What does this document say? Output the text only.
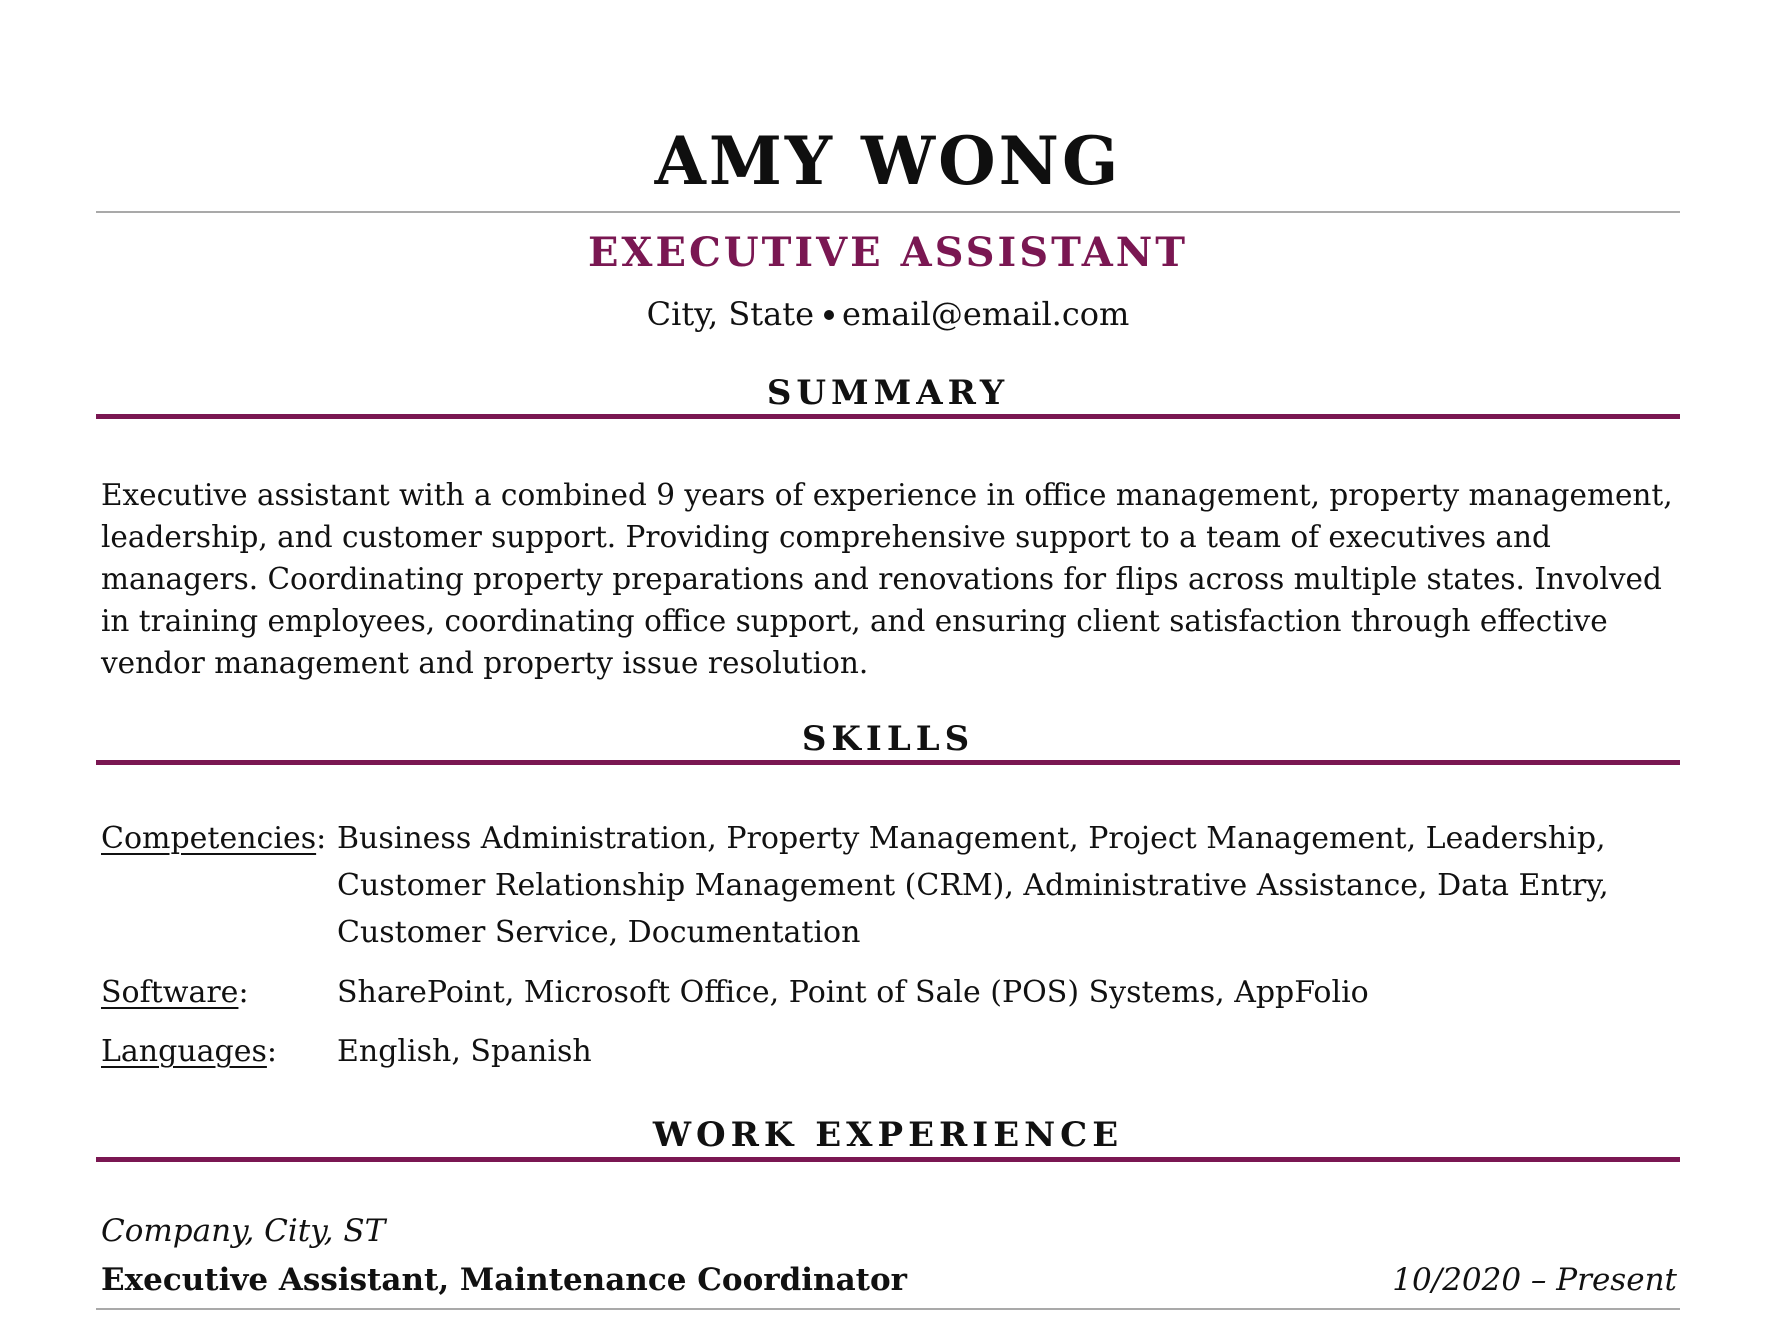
AMY WONG
EXECUTIVE ASSISTANT
City, State email@email.com
SUMMARY
Executive assistant with a combined 9 years of experience in office management, property management, leadership, and customer support. Providing comprehensive support to a team of executives and managers. Coordinating property preparations and renovations for flips across multiple states. Involved in training employees, coordinating office support, and ensuring client satisfaction through effective vendor management and property issue resolution.
SKILLS
Competencies: Business Administration, Property Management, Project Management, Leadership, Customer Relationship Management (CRM), Administrative Assistance, Data Entry, Customer Service, Documentation
Software:	SharePoint, Microsoft Office, Point of Sale (POS) Systems, AppFolio
Languages:	English, Spanish
WORK EXPERIENCE
Company, City, ST
Executive Assistant, Maintenance Coordinator	10/2020 – Present
